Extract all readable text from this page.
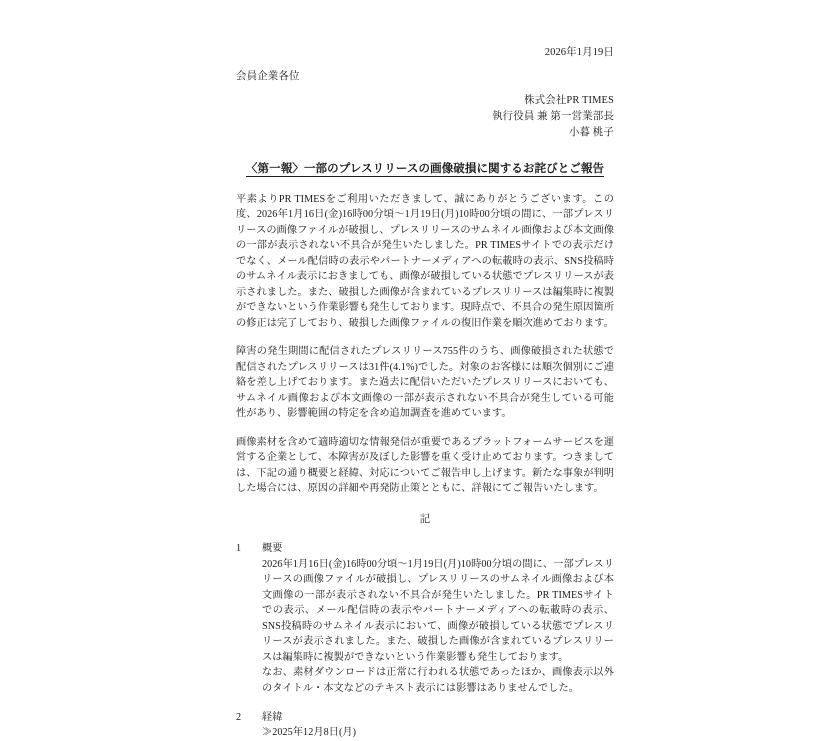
2026年1月19日
会員企業各位
株式会社PR TIMES
執行役員 兼 第一営業部長
小暮 桃子
〈第一報〉一部のプレスリリースの画像破損に関するお詫びとご報告

平素よりPR TIMESをご利用いただきまして、誠にありがとうございます。この度、2026年1月16日(金)16時00分頃〜1月19日(月)10時00分頃の間に、一部プレスリリースの画像ファイルが破損し、プレスリリースのサムネイル画像および本文画像の一部が表示されない不具合が発生いたしました。PR TIMESサイトでの表示だけでなく、メール配信時の表示やパートナーメディアへの転載時の表示、SNS投稿時のサムネイル表示におきましても、画像が破損している状態でプレスリリースが表示されました。また、破損した画像が含まれているプレスリリースは編集時に複製ができないという作業影響も発生しております。現時点で、不具合の発生原因箇所の修正は完了しており、破損した画像ファイルの復旧作業を順次進めております。

障害の発生期間に配信されたプレスリリース755件のうち、画像破損された状態で配信されたプレスリリースは31件(4.1%)でした。対象のお客様には順次個別にご連絡を差し上げております。また過去に配信いただいたプレスリリースにおいても、サムネイル画像および本文画像の一部が表示されない不具合が発生している可能性があり、影響範囲の特定を含め追加調査を進めています。

画像素材を含めて適時適切な情報発信が重要であるプラットフォームサービスを運営する企業として、本障害が及ぼした影響を重く受け止めております。つきましては、下記の通り概要と経緯、対応についてご報告申し上げます。新たな事象が判明した場合には、原因の詳細や再発防止策とともに、詳報にてご報告いたします。

記
1	概要

2026年1月16日(金)16時00分頃〜1月19日(月)10時00分頃の間に、一部プレスリリースの画像ファイルが破損し、プレスリリースのサムネイル画像および本文画像の一部が表示されない不具合が発生いたしました。PR TIMESサイトでの表示、メール配信時の表示やパートナーメディアへの転載時の表示、SNS投稿時のサムネイル表示において、画像が破損している状態でプレスリリースが表示されました。また、破損した画像が含まれているプレスリリースは編集時に複製ができないという作業影響も発生しております。

なお、素材ダウンロードは正常に行われる状態であったほか、画像表示以外のタイトル・本文などのテキスト表示には影響はありませんでした。

2	経緯

≫2025年12月8日(月)
